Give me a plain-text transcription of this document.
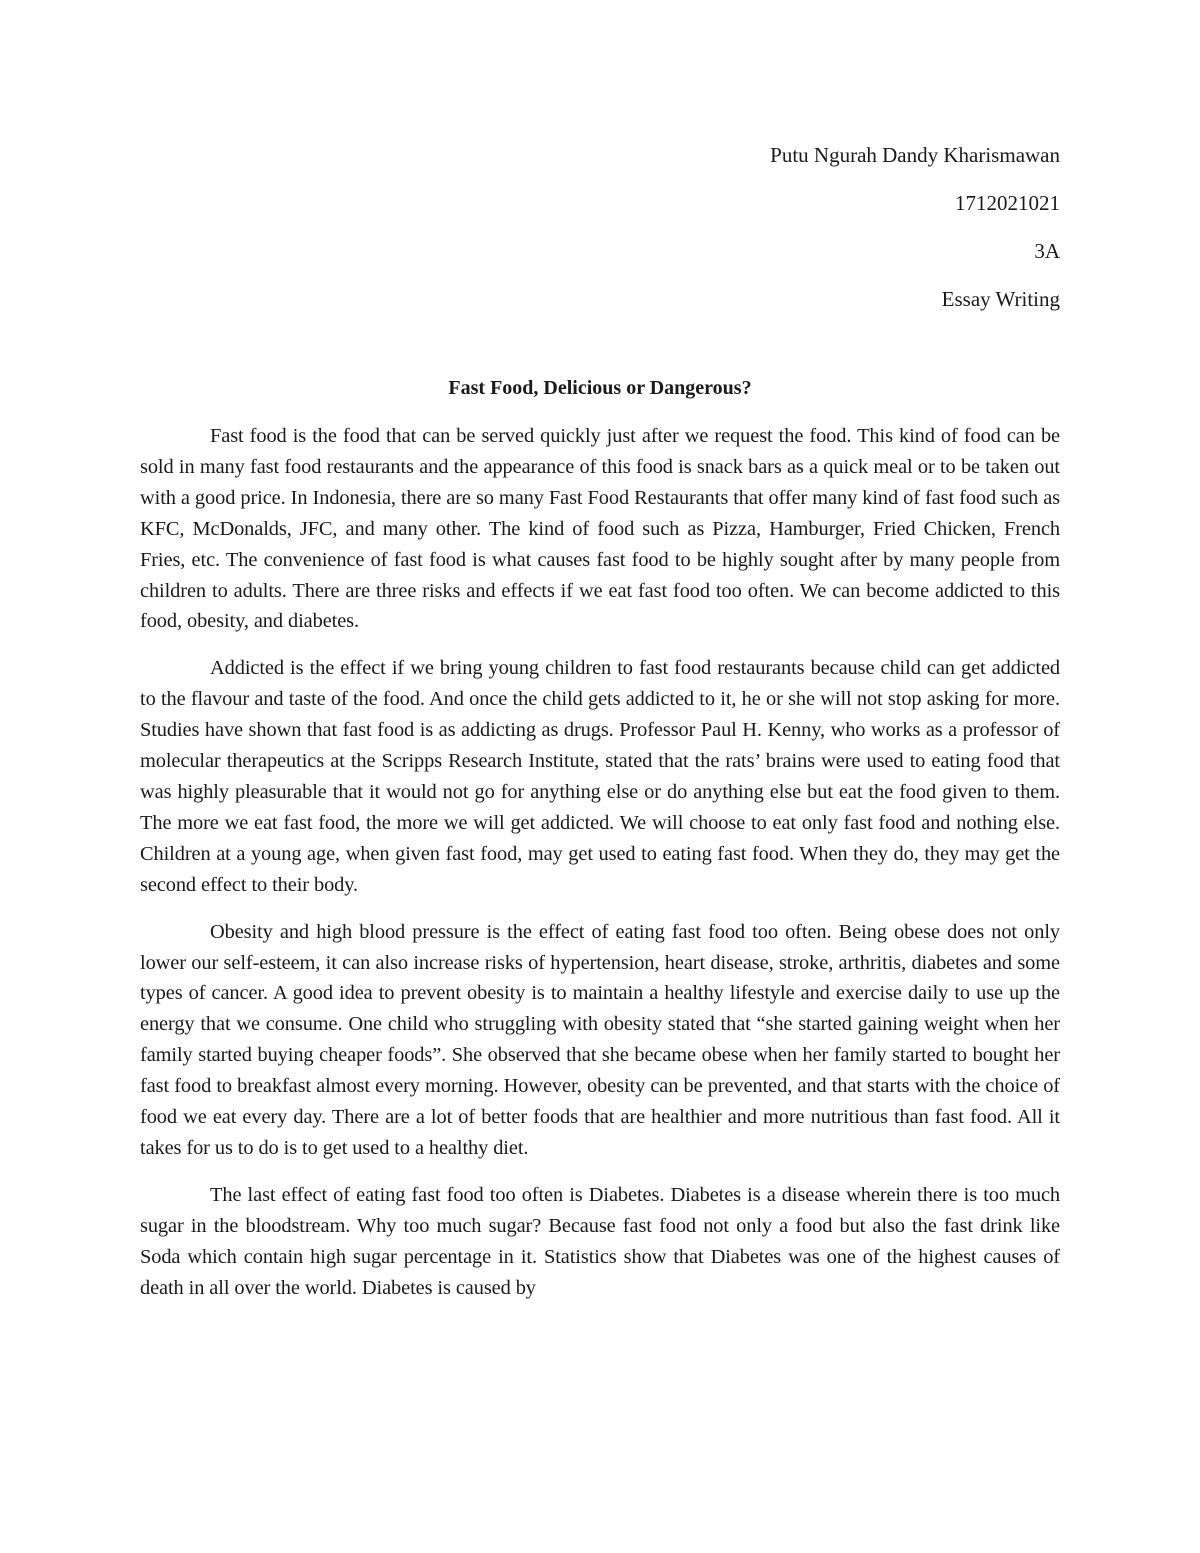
Putu Ngurah Dandy Kharismawan

1712021021

3A

Essay Writing

Fast Food, Delicious or Dangerous?

Fast food is the food that can be served quickly just after we request the food. This kind of food can be sold in many fast food restaurants and the appearance of this food is snack bars as a quick meal or to be taken out with a good price. In Indonesia, there are so many Fast Food Restaurants that offer many kind of fast food such as KFC, McDonalds, JFC, and many other. The kind of food such as Pizza, Hamburger, Fried Chicken, French Fries, etc. The convenience of fast food is what causes fast food to be highly sought after by many people from children to adults. There are three risks and effects if we eat fast food too often. We can become addicted to this food, obesity, and diabetes.

Addicted is the effect if we bring young children to fast food restaurants because child can get addicted to the flavour and taste of the food. And once the child gets addicted to it, he or she will not stop asking for more. Studies have shown that fast food is as addicting as drugs. Professor Paul H. Kenny, who works as a professor of molecular therapeutics at the Scripps Research Institute, stated that the rats’ brains were used to eating food that was highly pleasurable that it would not go for anything else or do anything else but eat the food given to them. The more we eat fast food, the more we will get addicted. We will choose to eat only fast food and nothing else. Children at a young age, when given fast food, may get used to eating fast food. When they do, they may get the second effect to their body.

Obesity and high blood pressure is the effect of eating fast food too often. Being obese does not only lower our self-esteem, it can also increase risks of hypertension, heart disease, stroke, arthritis, diabetes and some types of cancer. A good idea to prevent obesity is to maintain a healthy lifestyle and exercise daily to use up the energy that we consume. One child who struggling with obesity stated that “she started gaining weight when her family started buying cheaper foods”. She observed that she became obese when her family started to bought her fast food to breakfast almost every morning. However, obesity can be prevented, and that starts with the choice of food we eat every day. There are a lot of better foods that are healthier and more nutritious than fast food. All it takes for us to do is to get used to a healthy diet.

The last effect of eating fast food too often is Diabetes. Diabetes is a disease wherein there is too much sugar in the bloodstream. Why too much sugar? Because fast food not only a food but also the fast drink like Soda which contain high sugar percentage in it. Statistics show that Diabetes was one of the highest causes of death in all over the world. Diabetes is caused by
